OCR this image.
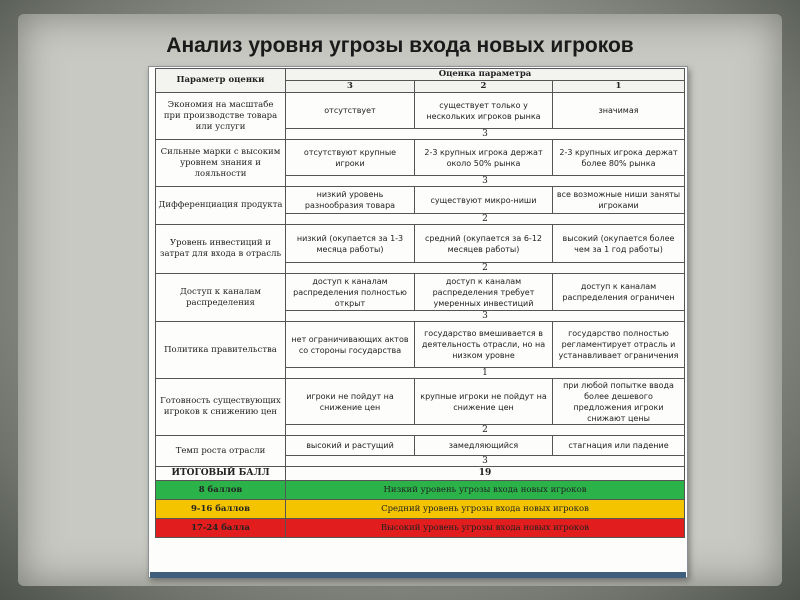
Анализ уровня угрозы входа новых игроков
Параметр оценки	Оценка параметра		
	3	2	1
Экономия на масштабе при производстве товара или услуги	отсутствует	существует только у нескольких игроков рынка	значимая
	3		
Сильные марки с высоким уровнем знания и лояльности	отсутствуют крупные игроки	2-3 крупных игрока держат около 50% рынка	2-3 крупных игрока держат более 80% рынка
	3		
Дифференциация продукта	низкий уровень разнообразия товара	существуют микро-ниши	все возможные ниши заняты игроками
	2		
Уровень инвестиций и затрат для входа в отрасль	низкий (окупается за 1-3 месяца работы)	средний (окупается за 6-12 месяцев работы)	высокий (окупается более чем за 1 год работы)
	2		
Доступ к каналам распределения	доступ к каналам распределения полностью открыт	доступ к каналам распределения требует умеренных инвестиций	доступ к каналам распределения ограничен
	3		
Политика правительства	нет ограничивающих актов со стороны государства	государство вмешивается в деятельность отрасли, но на низком уровне	государство полностью регламентирует отрасль и устанавливает ограничения
	1		
Готовность существующих игроков к снижению цен	игроки не пойдут на снижение цен	крупные игроки не пойдут на снижение цен	при любой попытке ввода более дешевого предложения игроки снижают цены
	2		
Темп роста отрасли	высокий и растущий	замедляющийся	стагнация или падение
	3		
ИТОГОВЫЙ БАЛЛ	19		
8 баллов	Низкий уровень угрозы входа новых игроков		
9-16 баллов	Средний уровень угрозы входа новых игроков		
17-24 балла	Высокий уровень угрозы входа новых игроков		
